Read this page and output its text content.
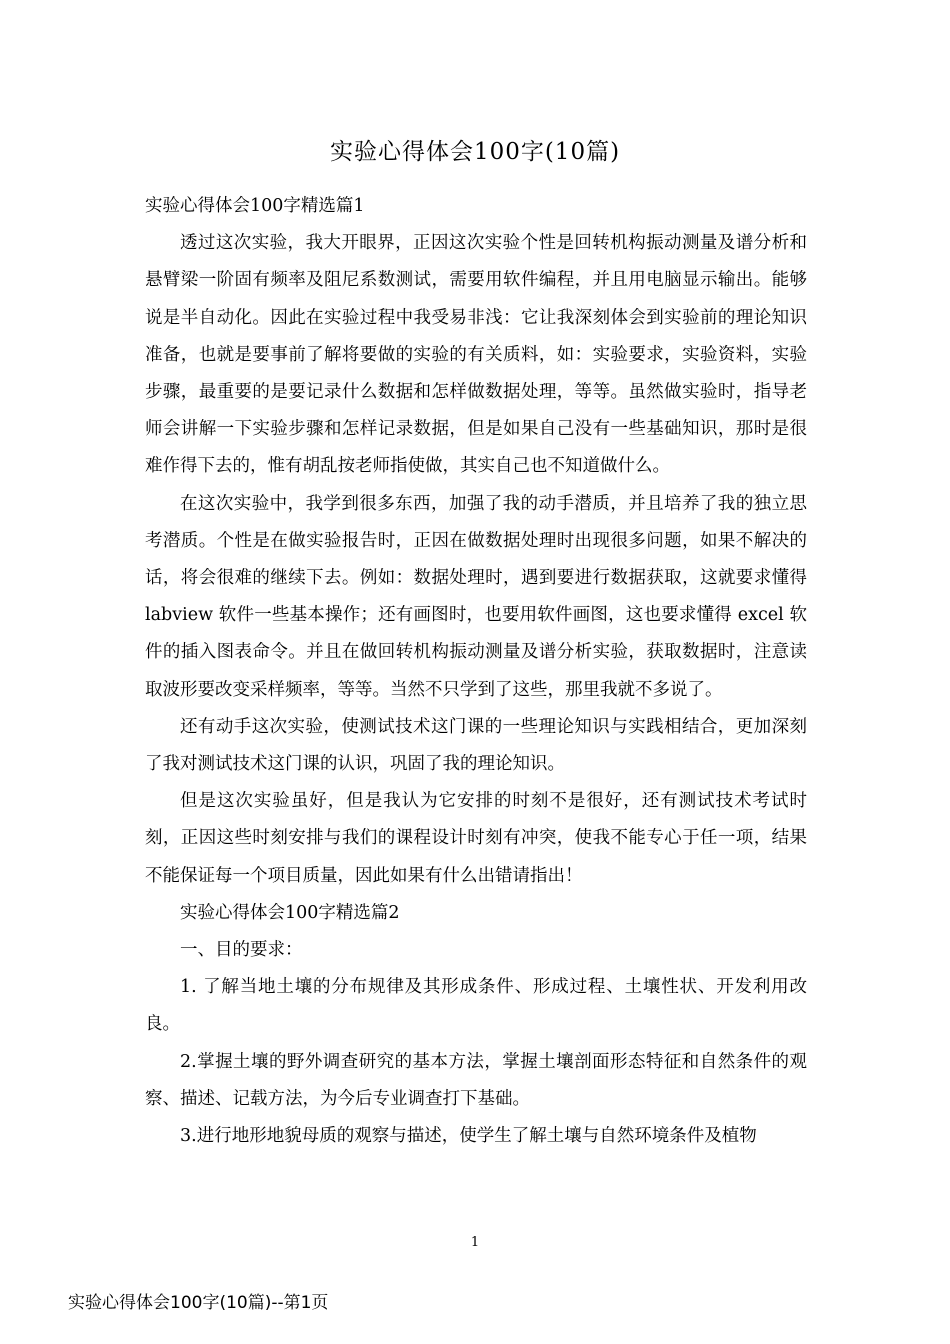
实验心得体会100字(10篇)

实验心得体会100字精选篇1

透过这次实验，我大开眼界，正因这次实验个性是回转机构振动测量及谱分析和悬臂梁一阶固有频率及阻尼系数测试，需要用软件编程，并且用电脑显示输出。能够说是半自动化。因此在实验过程中我受易非浅：它让我深刻体会到实验前的理论知识准备，也就是要事前了解将要做的实验的有关质料，如：实验要求，实验资料，实验步骤，最重要的是要记录什么数据和怎样做数据处理，等等。虽然做实验时，指导老师会讲解一下实验步骤和怎样记录数据，但是如果自己没有一些基础知识，那时是很难作得下去的，惟有胡乱按老师指使做，其实自己也不知道做什么。

在这次实验中，我学到很多东西，加强了我的动手潜质，并且培养了我的独立思考潜质。个性是在做实验报告时，正因在做数据处理时出现很多问题，如果不解决的话，将会很难的继续下去。例如：数据处理时，遇到要进行数据获取，这就要求懂得labview 软件一些基本操作；还有画图时，也要用软件画图，这也要求懂得 excel 软件的插入图表命令。并且在做回转机构振动测量及谱分析实验，获取数据时，注意读取波形要改变采样频率，等等。当然不只学到了这些，那里我就不多说了。

还有动手这次实验，使测试技术这门课的一些理论知识与实践相结合，更加深刻了我对测试技术这门课的认识，巩固了我的理论知识。

但是这次实验虽好，但是我认为它安排的时刻不是很好，还有测试技术考试时刻，正因这些时刻安排与我们的课程设计时刻有冲突，使我不能专心于任一项，结果不能保证每一个项目质量，因此如果有什么出错请指出！

实验心得体会100字精选篇2

一、目的要求：

1. 了解当地土壤的分布规律及其形成条件、形成过程、土壤性状、开发利用改良。

2.掌握土壤的野外调查研究的基本方法，掌握土壤剖面形态特征和自然条件的观察、描述、记载方法，为今后专业调查打下基础。

3.进行地形地貌母质的观察与描述，使学生了解土壤与自然环境条件及植物

1
实验心得体会100字(10篇)--第1页
